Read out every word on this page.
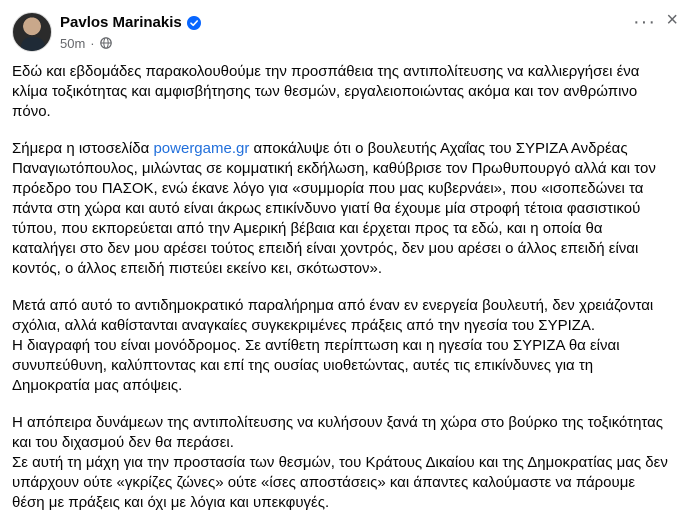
Pavlos Marinakis
50m ·
··· ×

Εδώ και εβδομάδες παρακολουθούμε την προσπάθεια της αντιπολίτευσης να καλλιεργήσει ένα κλίμα τοξικότητας και αμφισβήτησης των θεσμών, εργαλειοποιώντας ακόμα και τον ανθρώπινο πόνο.

Σήμερα η ιστοσελίδα powergame.gr αποκάλυψε ότι ο βουλευτής Αχαΐας του ΣΥΡΙΖΑ Ανδρέας Παναγιωτόπουλος, μιλώντας σε κομματική εκδήλωση, καθύβρισε τον Πρωθυπουργό αλλά και τον πρόεδρο του ΠΑΣΟΚ, ενώ έκανε λόγο για «συμμορία που μας κυβερνάει», που «ισοπεδώνει τα πάντα στη χώρα και αυτό είναι άκρως επικίνδυνο γιατί θα έχουμε μία στροφή τέτοια φασιστικού τύπου, που εκπορεύεται από την Αμερική βέβαια και έρχεται προς τα εδώ, και η οποία θα καταλήγει στο δεν μου αρέσει τούτος επειδή είναι χοντρός, δεν μου αρέσει ο άλλος επειδή είναι κοντός, ο άλλος επειδή πιστεύει εκείνο κει, σκότωστον».

Μετά από αυτό το αντιδημοκρατικό παραλήρημα από έναν εν ενεργεία βουλευτή, δεν χρειάζονται σχόλια, αλλά καθίστανται αναγκαίες συγκεκριμένες πράξεις από την ηγεσία του ΣΥΡΙΖΑ.

Η διαγραφή του είναι μονόδρομος. Σε αντίθετη περίπτωση και η ηγεσία του ΣΥΡΙΖΑ θα είναι συνυπεύθυνη, καλύπτοντας και επί της ουσίας υιοθετώντας, αυτές τις επικίνδυνες για τη Δημοκρατία μας απόψεις.

Η απόπειρα δυνάμεων της αντιπολίτευσης να κυλήσουν ξανά τη χώρα στο βούρκο της τοξικότητας και του διχασμού δεν θα περάσει.

Σε αυτή τη μάχη για την προστασία των θεσμών, του Κράτους Δικαίου και της Δημοκρατίας μας δεν υπάρχουν ούτε «γκρίζες ζώνες» ούτε «ίσες αποστάσεις» και άπαντες καλούμαστε να πάρουμε θέση με πράξεις και όχι με λόγια και υπεκφυγές.
